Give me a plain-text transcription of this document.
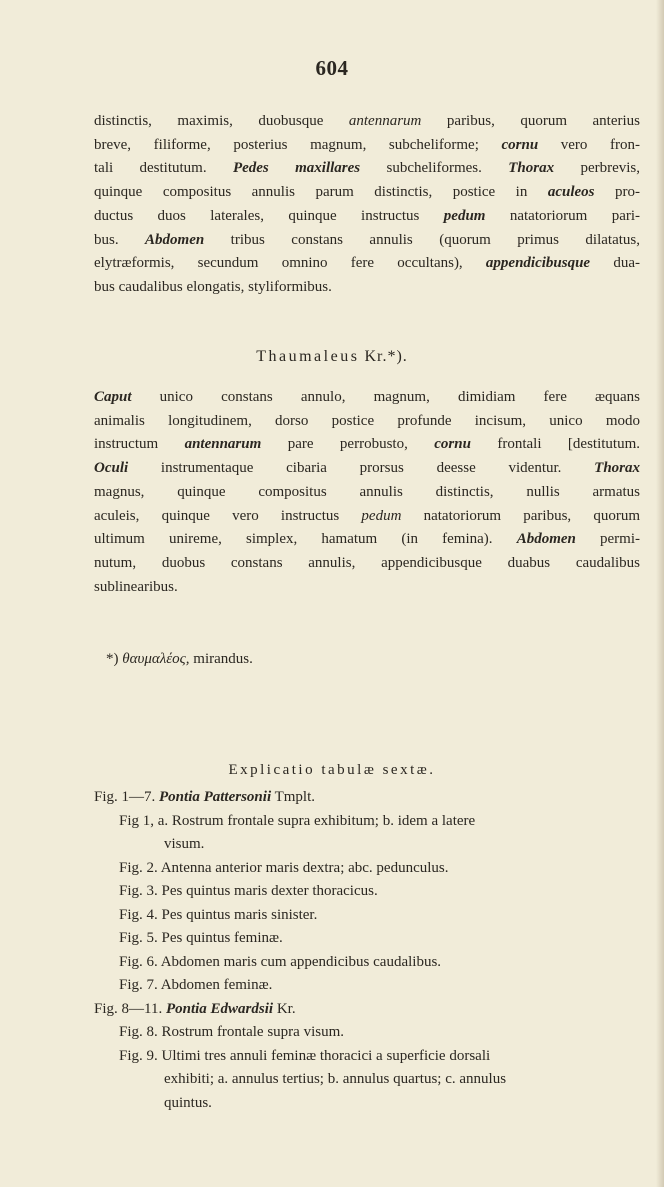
604
distinctis, maximis, duobusque antennarum paribus, quorum anterius
breve, filiforme, posterius magnum, subcheliforme; cornu vero fron-
tali destitutum. Pedes maxillares subcheliformes. Thorax perbrevis,
quinque compositus annulis parum distinctis, postice in aculeos pro-
ductus duos laterales, quinque instructus pedum natatoriorum pari-
bus. Abdomen tribus constans annulis (quorum primus dilatatus,
elytræformis, secundum omnino fere occultans), appendicibusque dua-
bus caudalibus elongatis, styliformibus.
Thaumaleus Kr.*).
Caput unico constans annulo, magnum, dimidiam fere æquans
animalis longitudinem, dorso postice profunde incisum, unico modo
instructum antennarum pare perrobusto, cornu frontali [destitutum.
Oculi instrumentaque cibaria prorsus deesse videntur. Thorax
magnus, quinque compositus annulis distinctis, nullis armatus
aculeis, quinque vero instructus pedum natatoriorum paribus, quorum
ultimum unireme, simplex, hamatum (in femina). Abdomen permi-
nutum, duobus constans annulis, appendicibusque duabus caudalibus
sublinearibus.
*) θαυμαλέος, mirandus.
Explicatio tabulæ sextæ.
Fig. 1—7. Pontia Pattersonii Tmplt.
Fig 1, a. Rostrum frontale supra exhibitum; b. idem a latere
visum.
Fig. 2. Antenna anterior maris dextra; abc. pedunculus.
Fig. 3. Pes quintus maris dexter thoracicus.
Fig. 4. Pes quintus maris sinister.
Fig. 5. Pes quintus feminæ.
Fig. 6. Abdomen maris cum appendicibus caudalibus.
Fig. 7. Abdomen feminæ.
Fig. 8—11. Pontia Edwardsii Kr.
Fig. 8. Rostrum frontale supra visum.
Fig. 9. Ultimi tres annuli feminæ thoracici a superficie dorsali
exhibiti; a. annulus tertius; b. annulus quartus; c. annulus
quintus.
